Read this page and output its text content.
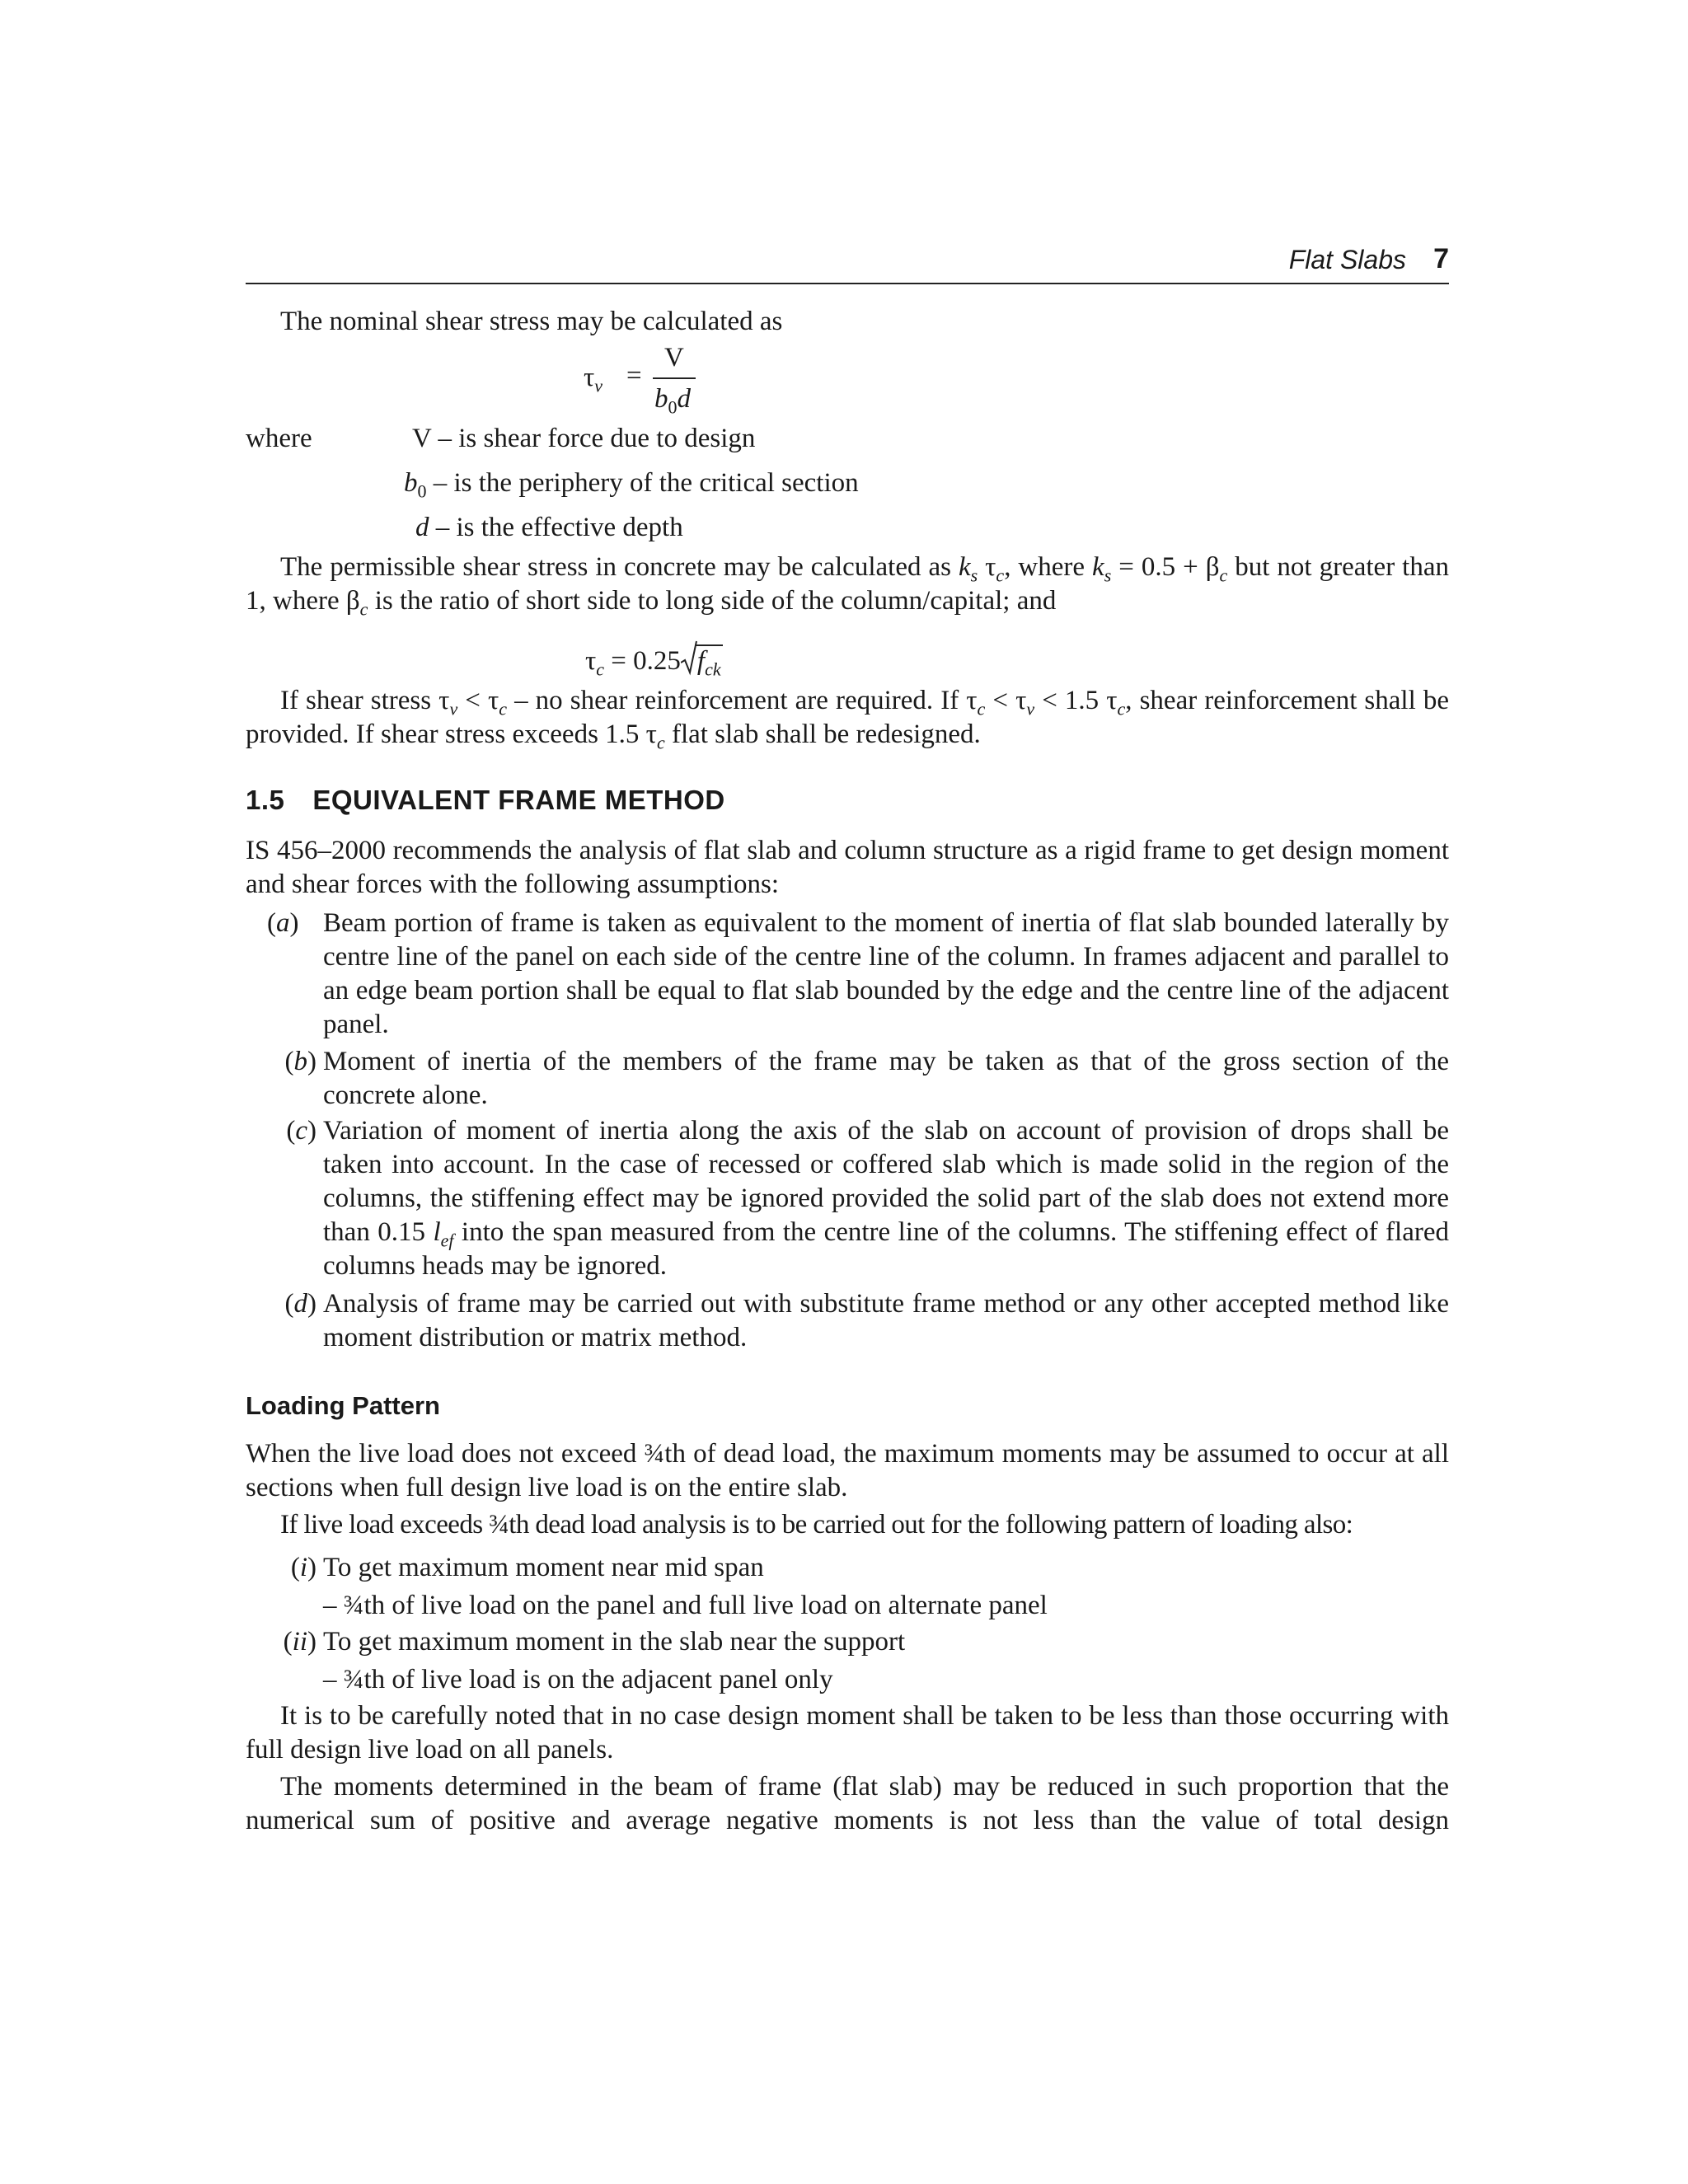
Flat Slabs 7
The nominal shear stress may be calculated as
$\tau_v$ =
V
$b_0d$
where	V – is shear force due to design
$b_0$ – is the periphery of the critical section
d – is the effective depth
The permissible shear stress in concrete may be calculated as $k_s$ $\tau_c$, where $k_s = 0.5 + \beta_c$ but not greater than 1, where $\beta_c$ is the ratio of short side to long side of the column/capital; and
$\tau_c = 0.25$ $f_{ck}$
If shear stress $\tau_v < \tau_c$ – no shear reinforcement are required. If $\tau_c < \tau_v < 1.5$ $\tau_c$, shear reinforcement shall be provided. If shear stress exceeds 1.5 $\tau_c$ flat slab shall be redesigned.
1.5 EQUIVALENT FRAME METHOD
IS 456–2000 recommends the analysis of flat slab and column structure as a rigid frame to get design moment and shear forces with the following assumptions:
(a) Beam portion of frame is taken as equivalent to the moment of inertia of flat slab bounded laterally by centre line of the panel on each side of the centre line of the column. In frames adjacent and parallel to an edge beam portion shall be equal to flat slab bounded by the edge and the centre line of the adjacent panel.
(b) Moment of inertia of the members of the frame may be taken as that of the gross section of the concrete alone.
(c) Variation of moment of inertia along the axis of the slab on account of provision of drops shall be taken into account. In the case of recessed or coffered slab which is made solid in the region of the columns, the stiffening effect may be ignored provided the solid part of the slab does not extend more than 0.15 $l_{ef}$ into the span measured from the centre line of the columns. The stiffening effect of flared columns heads may be ignored.
(d) Analysis of frame may be carried out with substitute frame method or any other accepted method like moment distribution or matrix method.
Loading Pattern
When the live load does not exceed ¾th of dead load, the maximum moments may be assumed to occur at all sections when full design live load is on the entire slab.
If live load exceeds ¾th dead load analysis is to be carried out for the following pattern of loading also:
(i) To get maximum moment near mid span
– ¾th of live load on the panel and full live load on alternate panel
(ii) To get maximum moment in the slab near the support
– ¾th of live load is on the adjacent panel only
It is to be carefully noted that in no case design moment shall be taken to be less than those occurring with full design live load on all panels.
The moments determined in the beam of frame (flat slab) may be reduced in such proportion that the numerical sum of positive and average negative moments is not less than the value of total design
